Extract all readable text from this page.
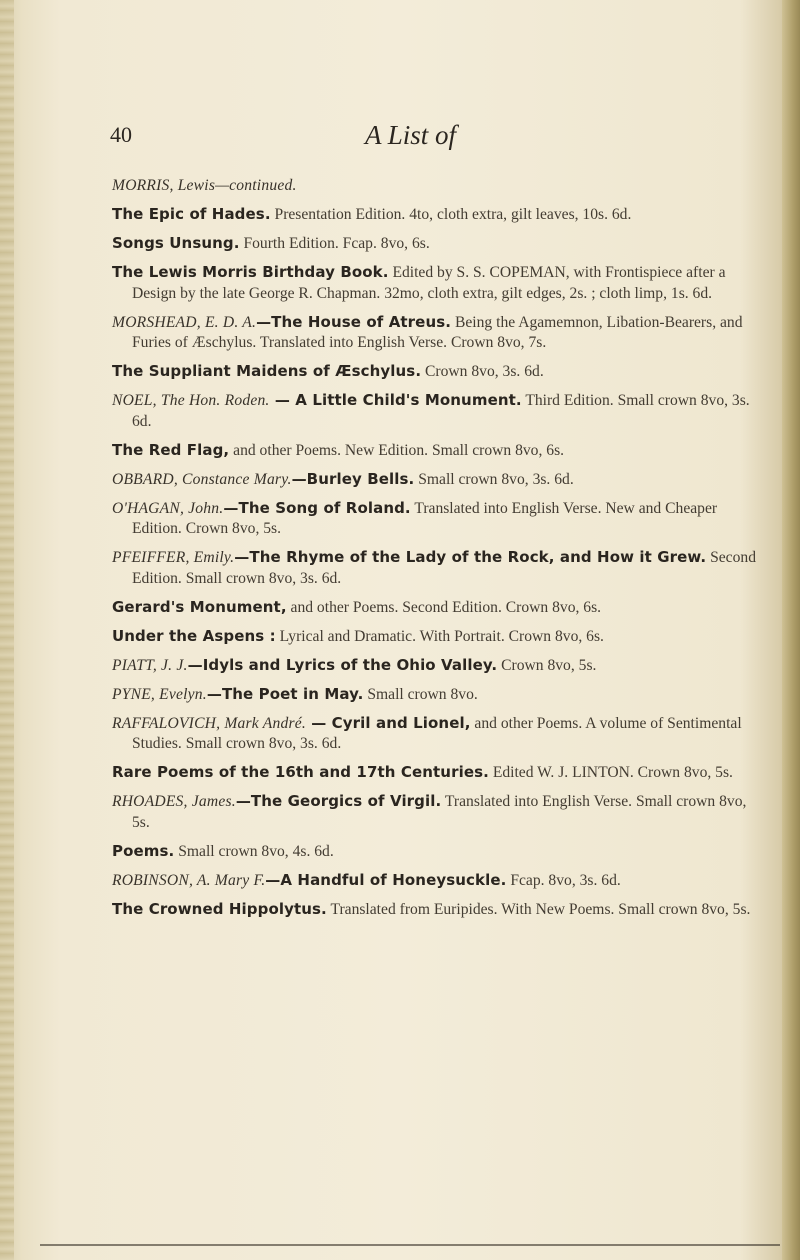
40	A List of

MORRIS, Lewis—continued.

The Epic of Hades. Presentation Edition. 4to, cloth extra, gilt leaves, 10s. 6d.

Songs Unsung. Fourth Edition. Fcap. 8vo, 6s.

The Lewis Morris Birthday Book. Edited by S. S. COPEMAN, with Frontispiece after a Design by the late George R. Chapman. 32mo, cloth extra, gilt edges, 2s. ; cloth limp, 1s. 6d.

MORSHEAD, E. D. A.—The House of Atreus. Being the Agamemnon, Libation-Bearers, and Furies of Æschylus. Translated into English Verse. Crown 8vo, 7s.

The Suppliant Maidens of Æschylus. Crown 8vo, 3s. 6d.

NOEL, The Hon. Roden. — A Little Child's Monument. Third Edition. Small crown 8vo, 3s. 6d.

The Red Flag, and other Poems. New Edition. Small crown 8vo, 6s.

OBBARD, Constance Mary.—Burley Bells. Small crown 8vo, 3s. 6d.

O'HAGAN, John.—The Song of Roland. Translated into English Verse. New and Cheaper Edition. Crown 8vo, 5s.

PFEIFFER, Emily.—The Rhyme of the Lady of the Rock, and How it Grew. Second Edition. Small crown 8vo, 3s. 6d.

Gerard's Monument, and other Poems. Second Edition. Crown 8vo, 6s.

Under the Aspens : Lyrical and Dramatic. With Portrait. Crown 8vo, 6s.

PIATT, J. J.—Idyls and Lyrics of the Ohio Valley. Crown 8vo, 5s.

PYNE, Evelyn.—The Poet in May. Small crown 8vo.

RAFFALOVICH, Mark André. — Cyril and Lionel, and other Poems. A volume of Sentimental Studies. Small crown 8vo, 3s. 6d.

Rare Poems of the 16th and 17th Centuries. Edited W. J. LINTON. Crown 8vo, 5s.

RHOADES, James.—The Georgics of Virgil. Translated into English Verse. Small crown 8vo, 5s.

Poems. Small crown 8vo, 4s. 6d.

ROBINSON, A. Mary F.—A Handful of Honeysuckle. Fcap. 8vo, 3s. 6d.

The Crowned Hippolytus. Translated from Euripides. With New Poems. Small crown 8vo, 5s.
